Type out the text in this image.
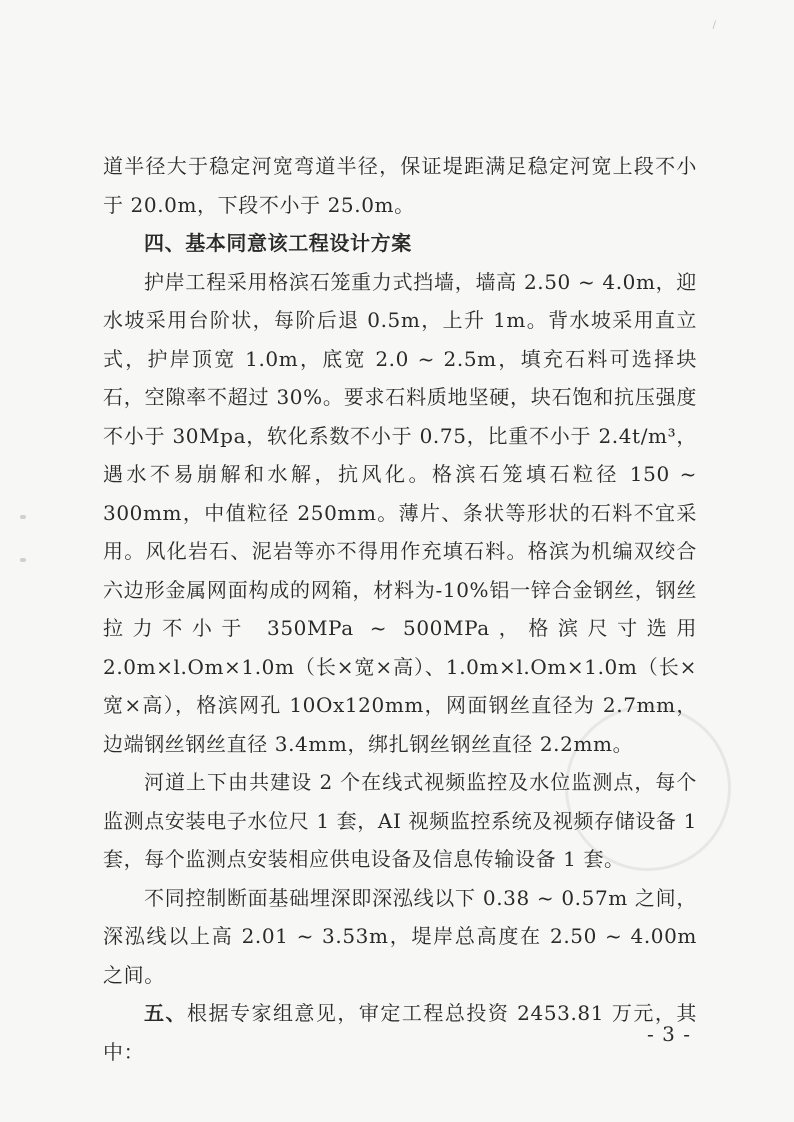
/

道半径大于稳定河宽弯道半径，保证堤距满足稳定河宽上段不小于 20.0m，下段不小于 25.0m。

四、基本同意该工程设计方案

护岸工程采用格滨石笼重力式挡墙，墙高 2.50 ~ 4.0m，迎水坡采用台阶状，每阶后退 0.5m，上升 1m。背水坡采用直立式，护岸顶宽 1.0m，底宽 2.0 ~ 2.5m，填充石料可选择块石，空隙率不超过 30%。要求石料质地坚硬，块石饱和抗压强度不小于 30Mpa，软化系数不小于 0.75，比重不小于 2.4t/m³，遇水不易崩解和水解，抗风化。格滨石笼填石粒径 150 ~ 300mm，中值粒径 250mm。薄片、条状等形状的石料不宜采用。风化岩石、泥岩等亦不得用作充填石料。格滨为机编双绞合六边形金属网面构成的网箱，材料为-10%铝一锌合金钢丝，钢丝拉力不小于 350MPa ~ 500MPa，格滨尺寸选用 2.0m×l.Om×1.0m（长×宽×高）、1.0m×l.Om×1.0m（长×宽×高），格滨网孔 10Ox120mm，网面钢丝直径为 2.7mm，边端钢丝钢丝直径 3.4mm，绑扎钢丝钢丝直径 2.2mm。

河道上下由共建设 2 个在线式视频监控及水位监测点，每个监测点安装电子水位尺 1 套，AI 视频监控系统及视频存储设备 1 套，每个监测点安装相应供电设备及信息传输设备 1 套。

不同控制断面基础埋深即深泓线以下 0.38 ~ 0.57m 之间，深泓线以上高 2.01 ~ 3.53m，堤岸总高度在 2.50 ~ 4.00m 之间。

五、根据专家组意见，审定工程总投资 2453.81 万元，其中：

- 3 -
